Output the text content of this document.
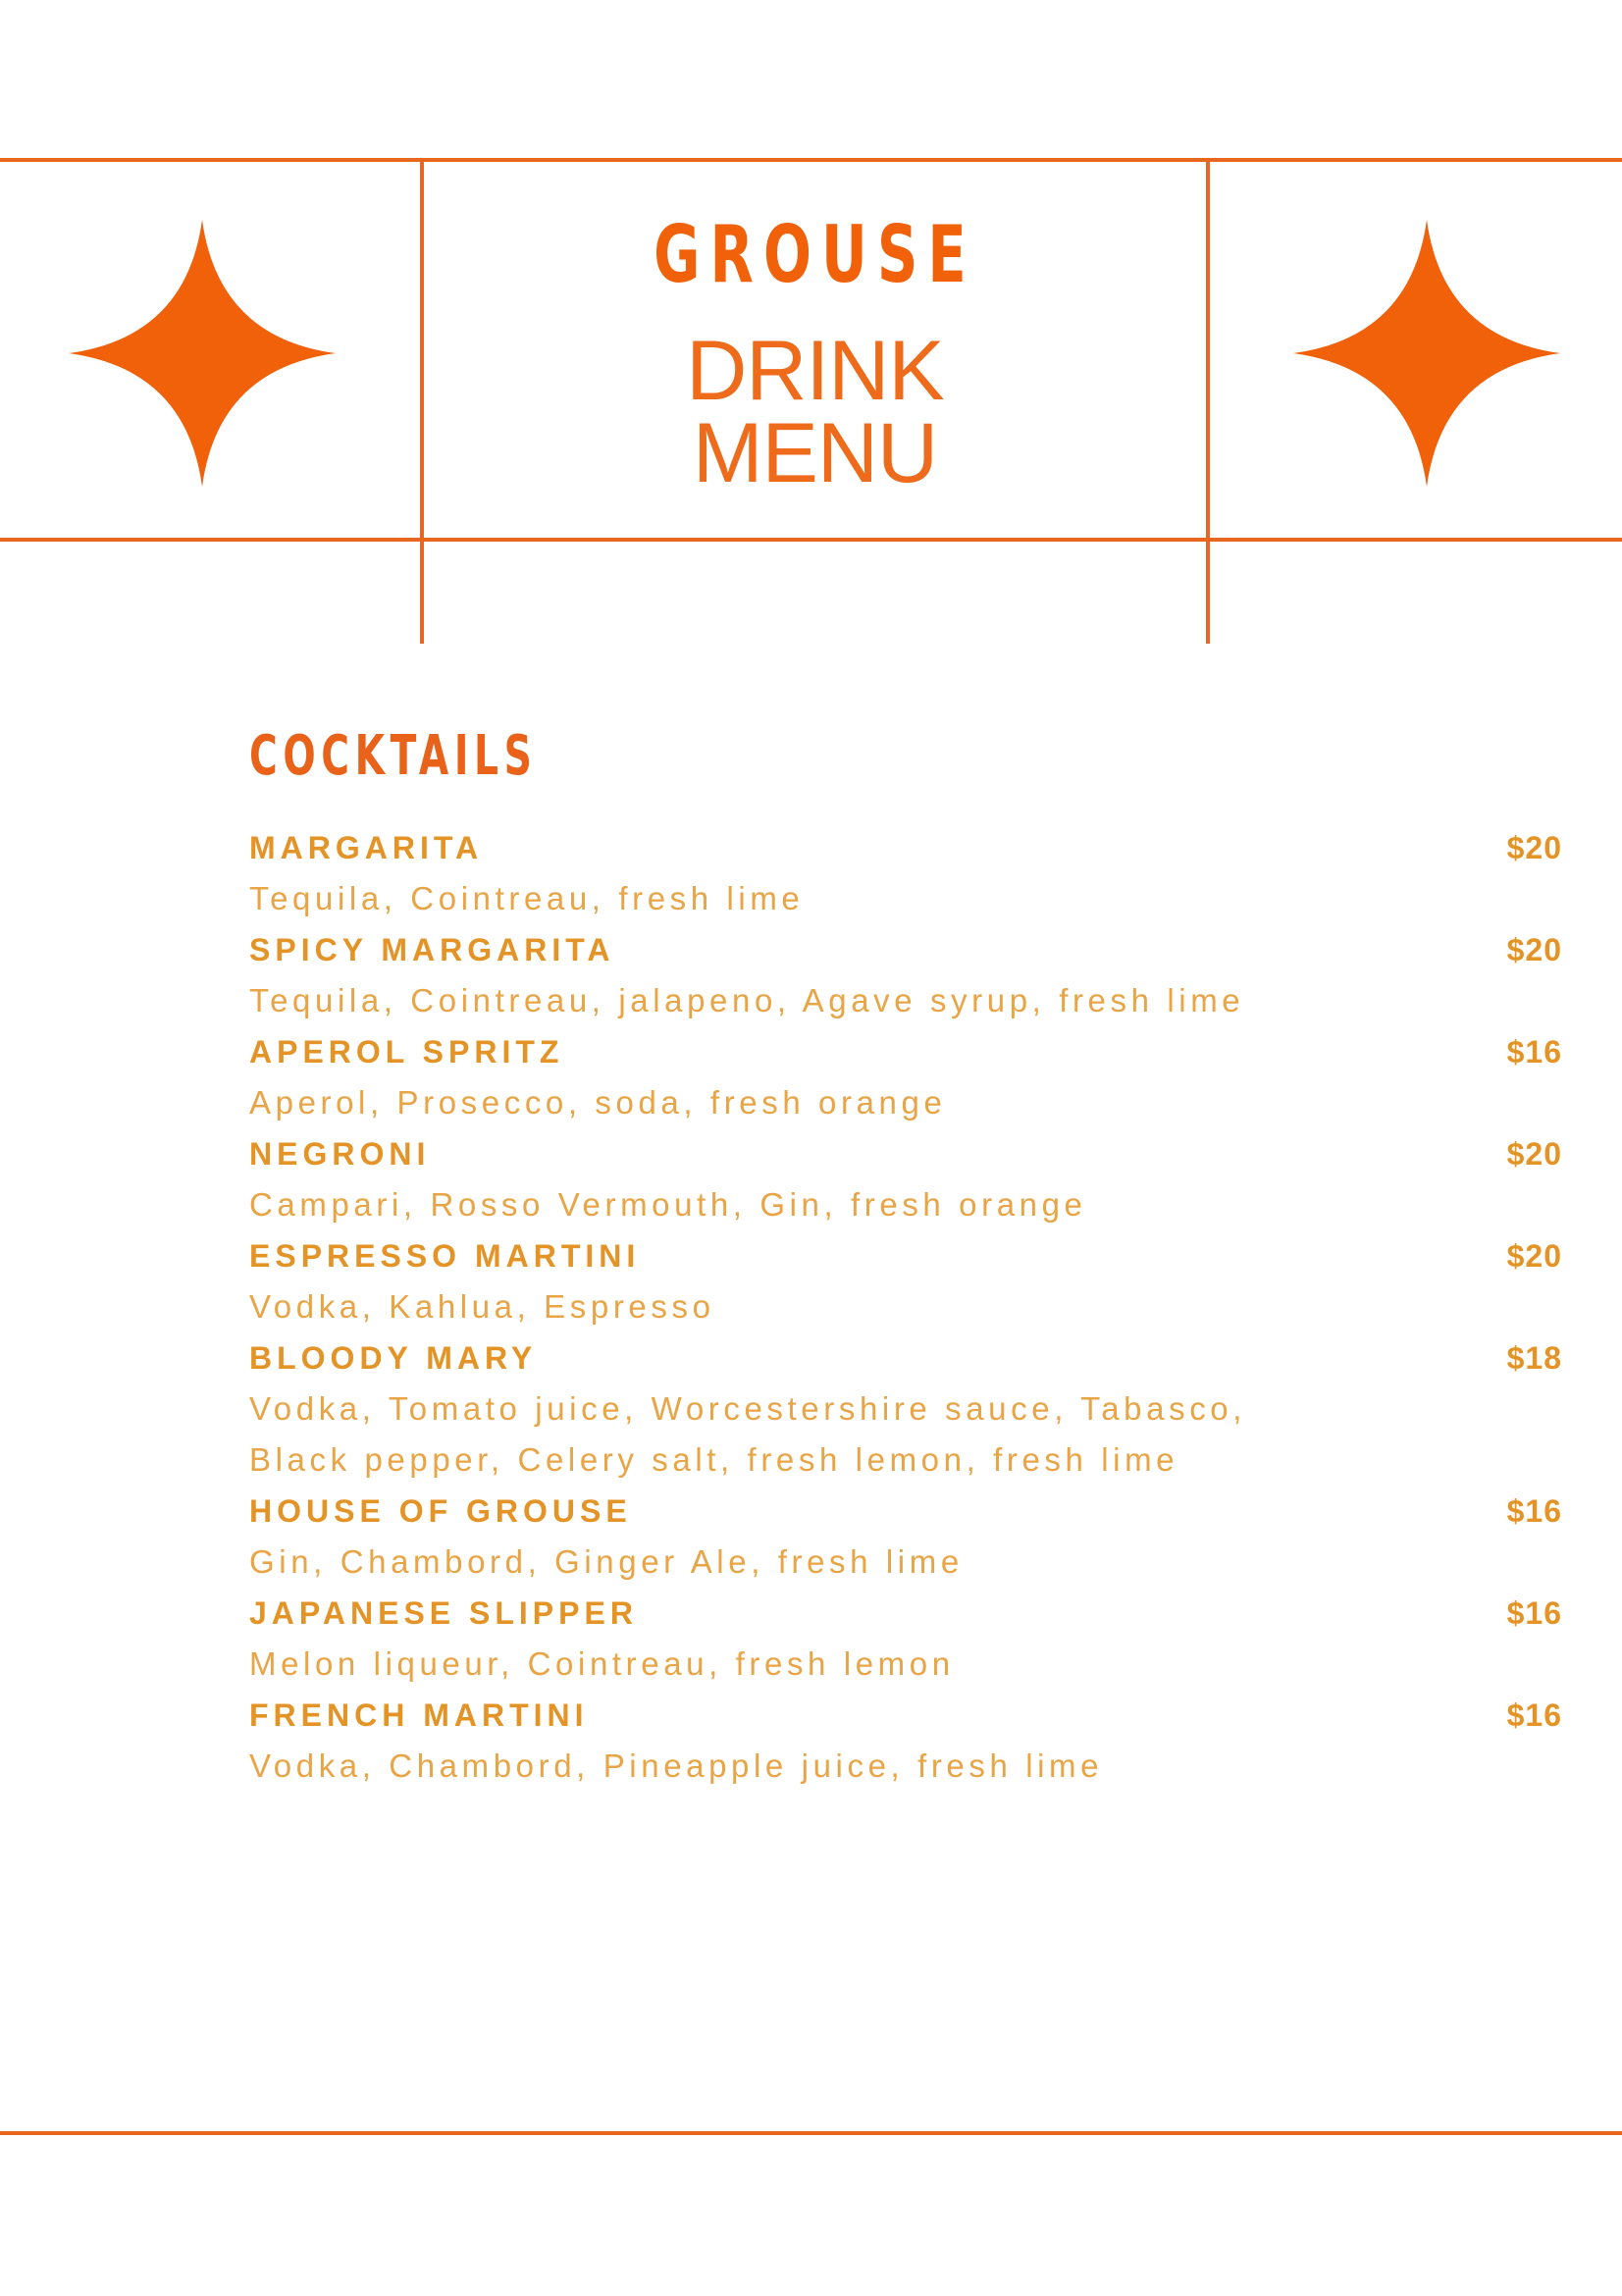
GROUSE
DRINK
MENU
COCKTAILS
MARGARITA	$20
Tequila, Cointreau, fresh lime
SPICY MARGARITA	$20
Tequila, Cointreau, jalapeno, Agave syrup, fresh lime
APEROL SPRITZ	$16
Aperol, Prosecco, soda, fresh orange
NEGRONI	$20
Campari, Rosso Vermouth, Gin, fresh orange
ESPRESSO MARTINI	$20
Vodka, Kahlua, Espresso
BLOODY MARY	$18
Vodka, Tomato juice, Worcestershire sauce, Tabasco,
Black pepper, Celery salt, fresh lemon, fresh lime
HOUSE OF GROUSE	$16
Gin, Chambord, Ginger Ale, fresh lime
JAPANESE SLIPPER	$16
Melon liqueur, Cointreau, fresh lemon
FRENCH MARTINI	$16
Vodka, Chambord, Pineapple juice, fresh lime
